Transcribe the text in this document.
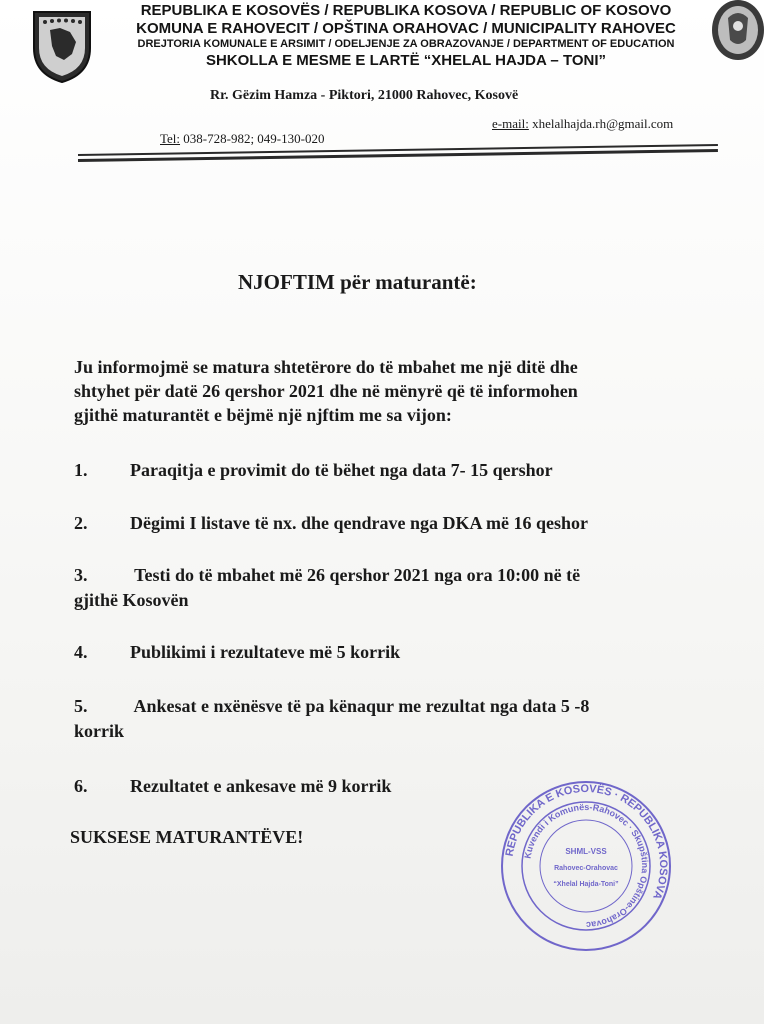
REPUBLIKA E KOSOVËS / REPUBLIKA KOSOVA / REPUBLIC OF KOSOVO
KOMUNA E RAHOVECIT / OPŠTINA ORAHOVAC / MUNICIPALITY RAHOVEC
DREJTORIA KOMUNALE E ARSIMIT / ODELJENJE ZA OBRAZOVANJE / DEPARTMENT OF EDUCATION
SHKOLLA E MESME E LARTË “XHELAL HAJDA – TONI”
Rr. Gëzim Hamza - Piktori, 21000 Rahovec, Kosovë
Tel: 038-728-982; 049-130-020
e-mail: xhelalhajda.rh@gmail.com
NJOFTIM për maturantë:
Ju informojmë se matura shtetërore do të mbahet me një ditë dhe
shtyhet për datë 26 qershor 2021 dhe në mënyrë që të informohen
gjithë maturantët e bëjmë një njftim me sa vijon:
1. Paraqitja e provimit do të bëhet nga data 7- 15 qershor
2. Dëgimi I listave të nx. dhe qendrave nga DKA më 16 qeshor
3. Testi do të mbahet më 26 qershor 2021 nga ora 10:00 në të
gjithë Kosovën
4. Publikimi i rezultateve më 5 korrik
5. Ankesat e nxënësve të pa kënaqur me rezultat nga data 5 -8
korrik
6. Rezultatet e ankesave më 9 korrik
SUKSESE MATURANTËVE!
REPUBLIKA E KOSOVËS · REPUBLIKA KOSOVA
Kuvendi i Komunës-Rahovec · Skupština Opštine-Orahovac
SHML-VSS
Rahovec-Orahovac
“Xhelal Hajda-Toni”
